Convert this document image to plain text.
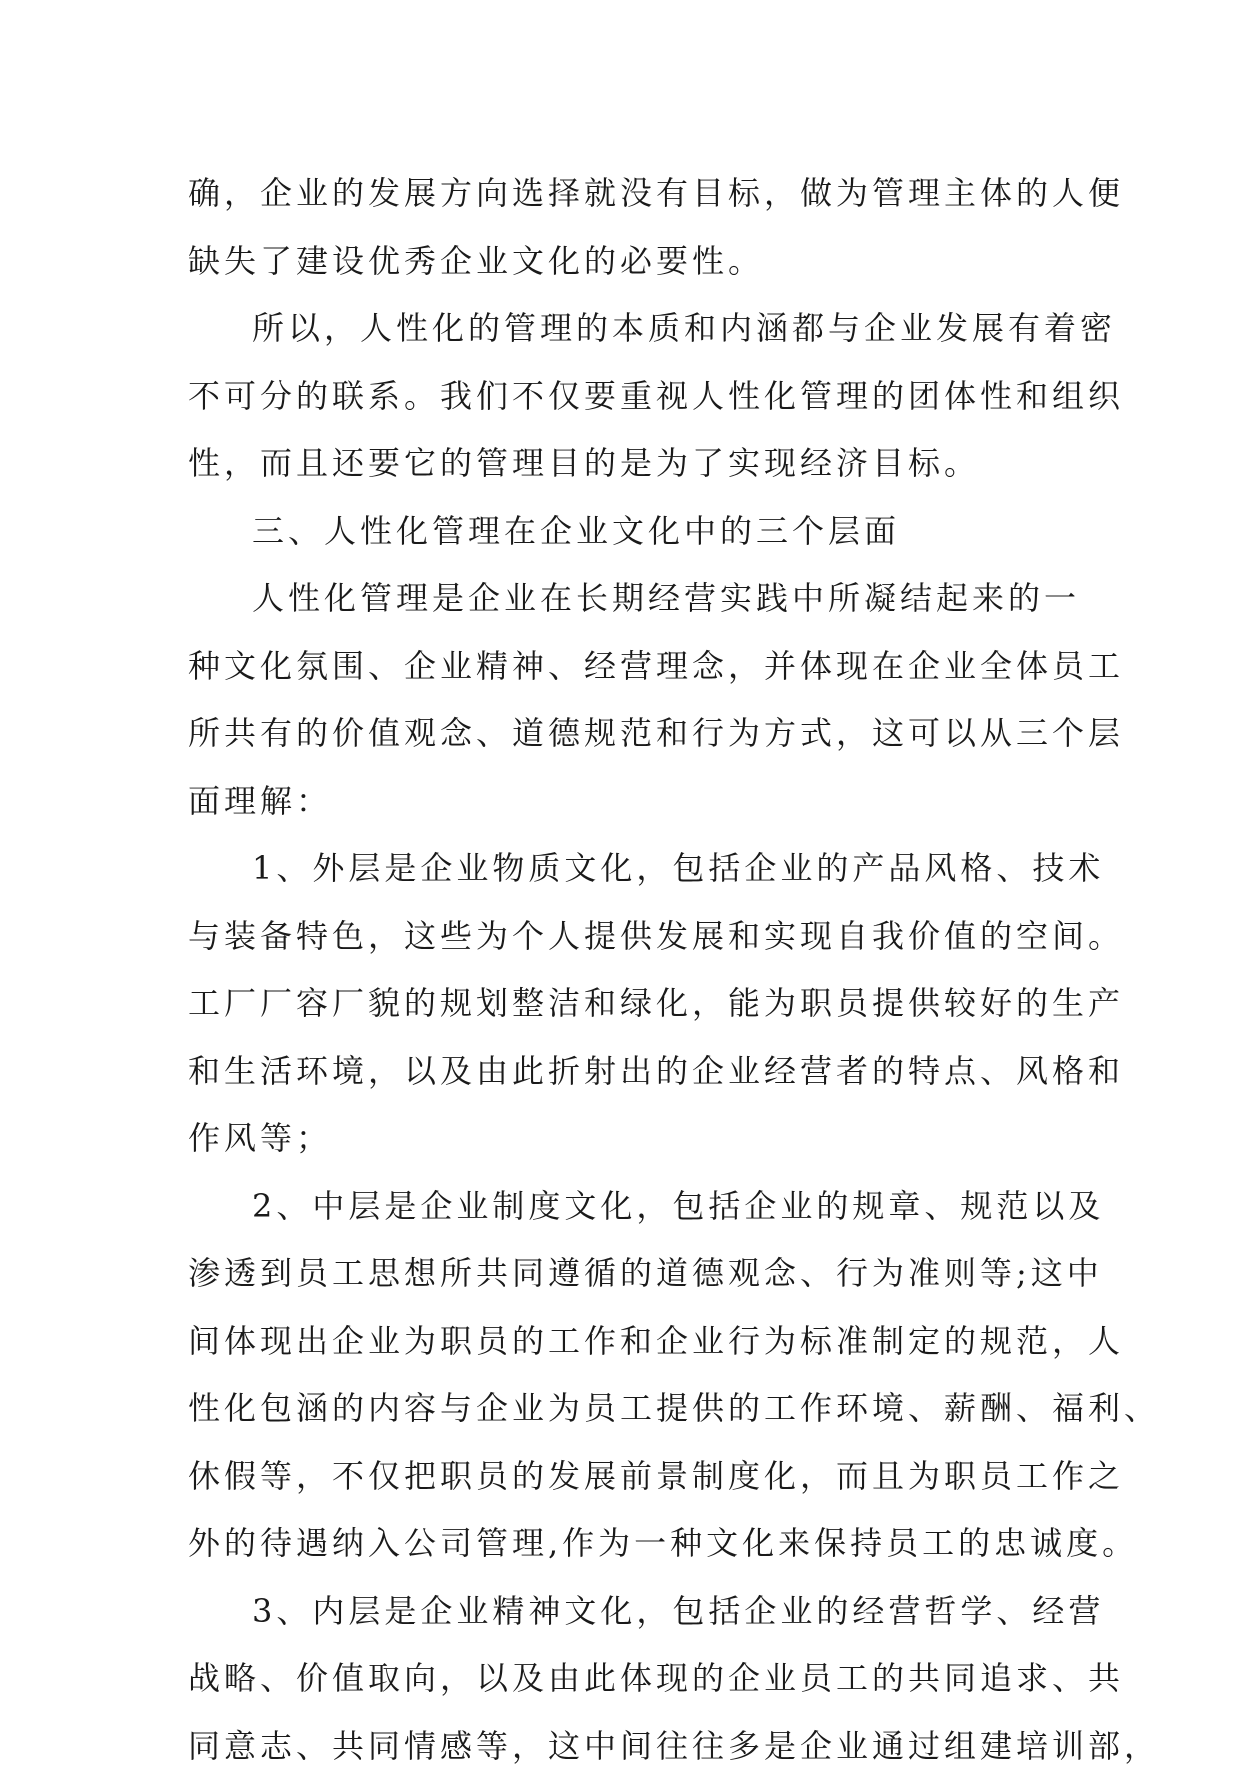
确，企业的发展方向选择就没有目标，做为管理主体的人便
缺失了建设优秀企业文化的必要性。
所以，人性化的管理的本质和内涵都与企业发展有着密
不可分的联系。我们不仅要重视人性化管理的团体性和组织
性，而且还要它的管理目的是为了实现经济目标。
三、人性化管理在企业文化中的三个层面
人性化管理是企业在长期经营实践中所凝结起来的一
种文化氛围、企业精神、经营理念，并体现在企业全体员工
所共有的价值观念、道德规范和行为方式，这可以从三个层
面理解：
1、外层是企业物质文化，包括企业的产品风格、技术
与装备特色，这些为个人提供发展和实现自我价值的空间。
工厂厂容厂貌的规划整洁和绿化，能为职员提供较好的生产
和生活环境，以及由此折射出的企业经营者的特点、风格和
作风等；
2、中层是企业制度文化，包括企业的规章、规范以及
渗透到员工思想所共同遵循的道德观念、行为准则等;这中
间体现出企业为职员的工作和企业行为标准制定的规范，人
性化包涵的内容与企业为员工提供的工作环境、薪酬、福利、
休假等，不仅把职员的发展前景制度化，而且为职员工作之
外的待遇纳入公司管理,作为一种文化来保持员工的忠诚度。
3、内层是企业精神文化，包括企业的经营哲学、经营
战略、价值取向，以及由此体现的企业员工的共同追求、共
同意志、共同情感等，这中间往往多是企业通过组建培训部，
